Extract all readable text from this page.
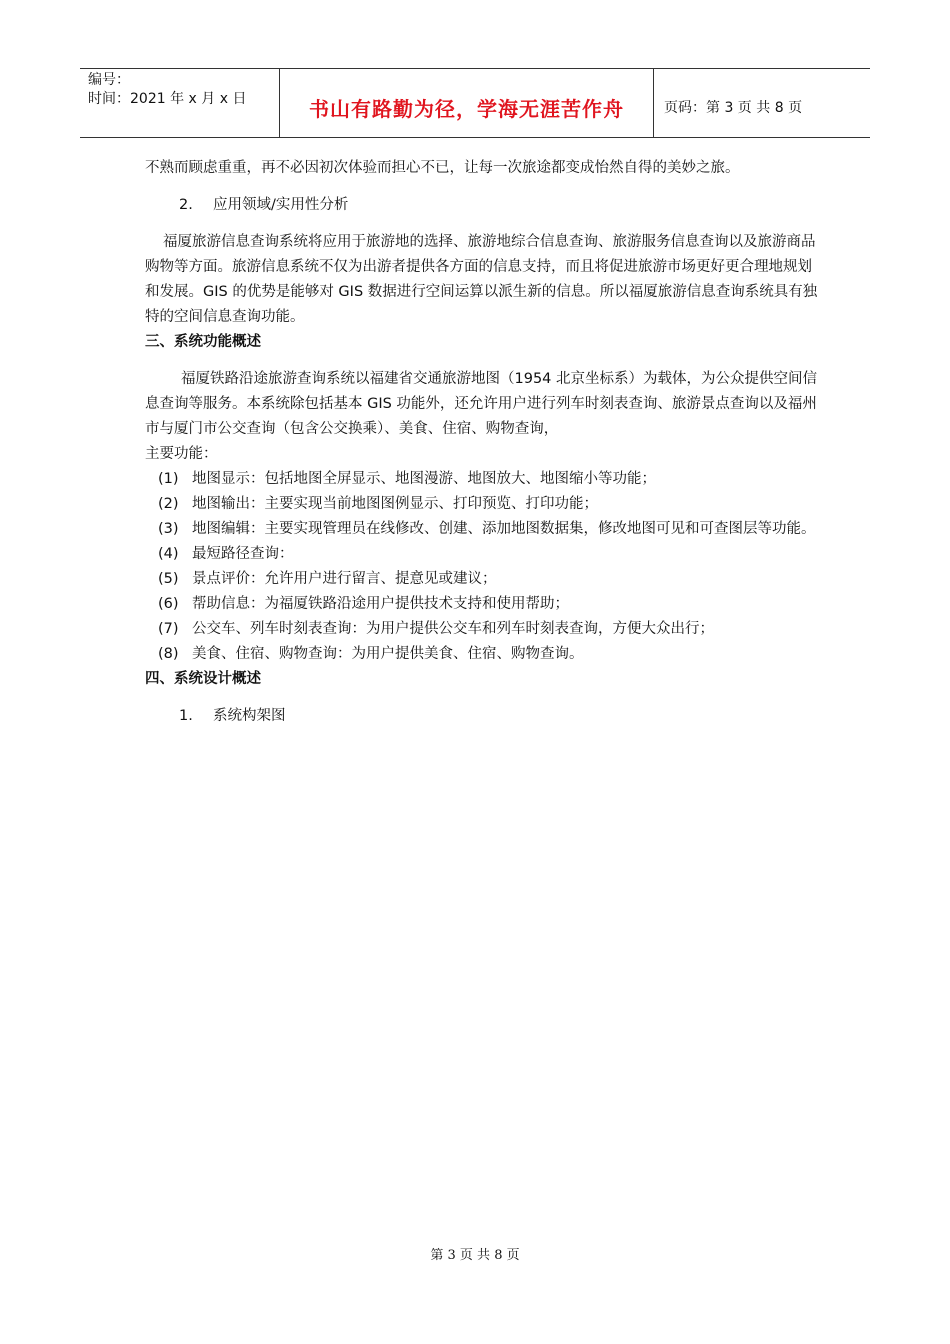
编号：
时间：2021 年 x 月 x 日	书山有路勤为径，学海无涯苦作舟	页码：第 3 页 共 8 页

不熟而顾虑重重，再不必因初次体验而担心不已，让每一次旅途都变成怡然自得的美妙之旅。

2. 应用领域/实用性分析

福厦旅游信息查询系统将应用于旅游地的选择、旅游地综合信息查询、旅游服务信息查询以及旅游商品购物等方面。旅游信息系统不仅为出游者提供各方面的信息支持，而且将促进旅游市场更好更合理地规划和发展。GIS 的优势是能够对 GIS 数据进行空间运算以派生新的信息。所以福厦旅游信息查询系统具有独特的空间信息查询功能。

三、系统功能概述

福厦铁路沿途旅游查询系统以福建省交通旅游地图（1954 北京坐标系）为载体，为公众提供空间信息查询等服务。本系统除包括基本 GIS 功能外，还允许用户进行列车时刻表查询、旅游景点查询以及福州市与厦门市公交查询（包含公交换乘）、美食、住宿、购物查询，

主要功能：

(1) 地图显示：包括地图全屏显示、地图漫游、地图放大、地图缩小等功能；
(2) 地图输出：主要实现当前地图图例显示、打印预览、打印功能；
(3) 地图编辑：主要实现管理员在线修改、创建、添加地图数据集，修改地图可见和可查图层等功能。
(4) 最短路径查询：
(5) 景点评价：允许用户进行留言、提意见或建议；
(6) 帮助信息：为福厦铁路沿途用户提供技术支持和使用帮助；
(7) 公交车、列车时刻表查询：为用户提供公交车和列车时刻表查询，方便大众出行；
(8) 美食、住宿、购物查询：为用户提供美食、住宿、购物查询。

四、系统设计概述

1. 系统构架图

第 3 页 共 8 页
